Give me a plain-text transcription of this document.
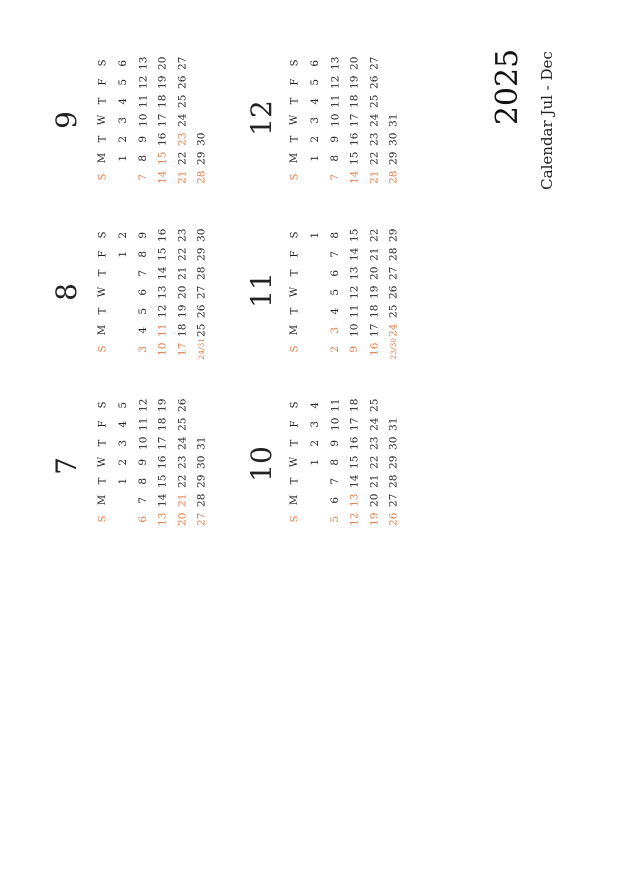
2025 Calendar Jul - Dec
7
S
M
T
W
T
F
S
1
2
3
4
5
6
7
8
9
10
11
12
13
14
15
16
17
18
19
20
21
22
23
24
25
26
27
28
29
30
31
8
S
M
T
W
T
F
S
1
2
3
4
5
6
7
8
9
10
11
12
13
14
15
16
17
18
19
20
21
22
23
24/31
25
26
27
28
29
30
9
S
M
T
W
T
F
S
1
2
3
4
5
6
7
8
9
10
11
12
13
14
15
16
17
18
19
20
21
22
23
24
25
26
27
28
29
30
10
S
M
T
W
T
F
S
1
2
3
4
5
6
7
8
9
10
11
12
13
14
15
16
17
18
19
20
21
22
23
24
25
26
27
28
29
30
31
11
S
M
T
W
T
F
S 1
2
3
4
5
6
7
8
9
10
11
12
13
14
15
16
17
18
19
20
21
22
23/30
24
25
26
27
28
29
12
S
M
T
W
T
F
S
1
2
3
4
5
6
7
8
9
10
11
12
13
14
15
16
17
18
19
20
21
22
23
24
25
26
27
28
29
30
31
